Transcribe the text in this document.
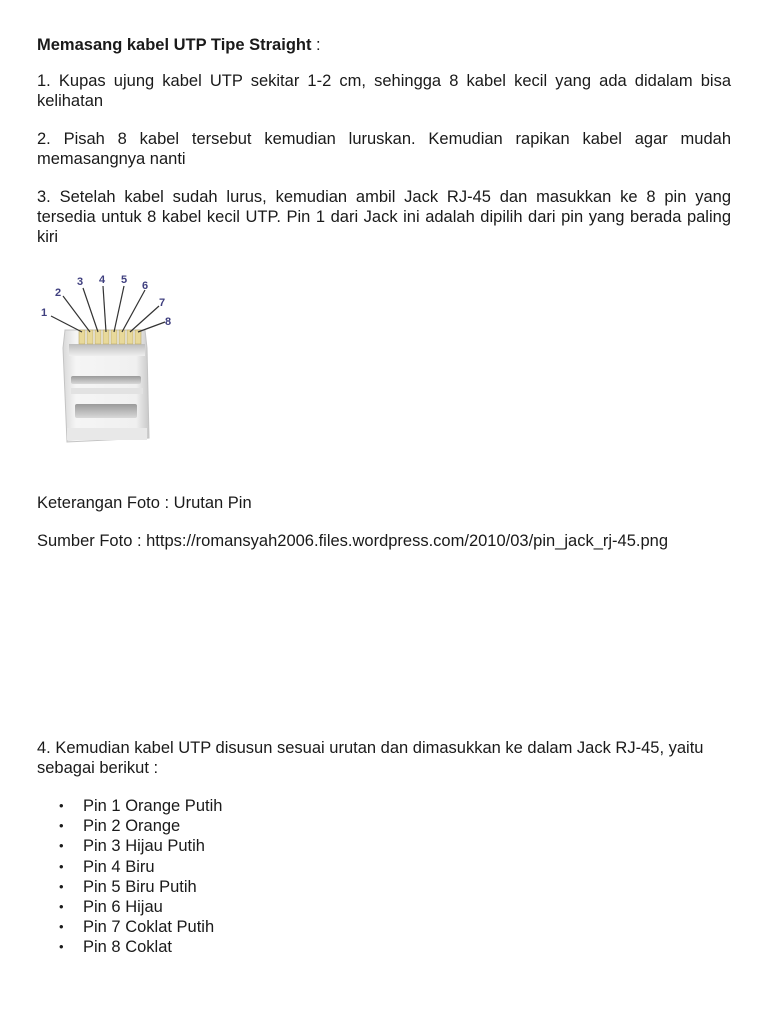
Memasang kabel UTP Tipe Straight :
1. Kupas ujung kabel UTP sekitar 1-2 cm, sehingga 8 kabel kecil yang ada didalam bisa kelihatan
2. Pisah 8 kabel tersebut kemudian luruskan. Kemudian rapikan kabel agar mudah memasangnya nanti
3. Setelah kabel sudah lurus, kemudian ambil Jack RJ-45 dan masukkan ke 8 pin yang tersedia untuk 8 kabel kecil UTP. Pin 1 dari Jack ini adalah dipilih dari pin yang berada paling kiri
1
2
3 4 5 6
7
8
Keterangan Foto : Urutan Pin
Sumber Foto : https://romansyah2006.files.wordpress.com/2010/03/pin_jack_rj-45.png
4. Kemudian kabel UTP disusun sesuai urutan dan dimasukkan ke dalam Jack RJ-45, yaitu sebagai berikut :
• Pin 1 Orange Putih
• Pin 2 Orange
• Pin 3 Hijau Putih
• Pin 4 Biru
• Pin 5 Biru Putih
• Pin 6 Hijau
• Pin 7 Coklat Putih
• Pin 8 Coklat
